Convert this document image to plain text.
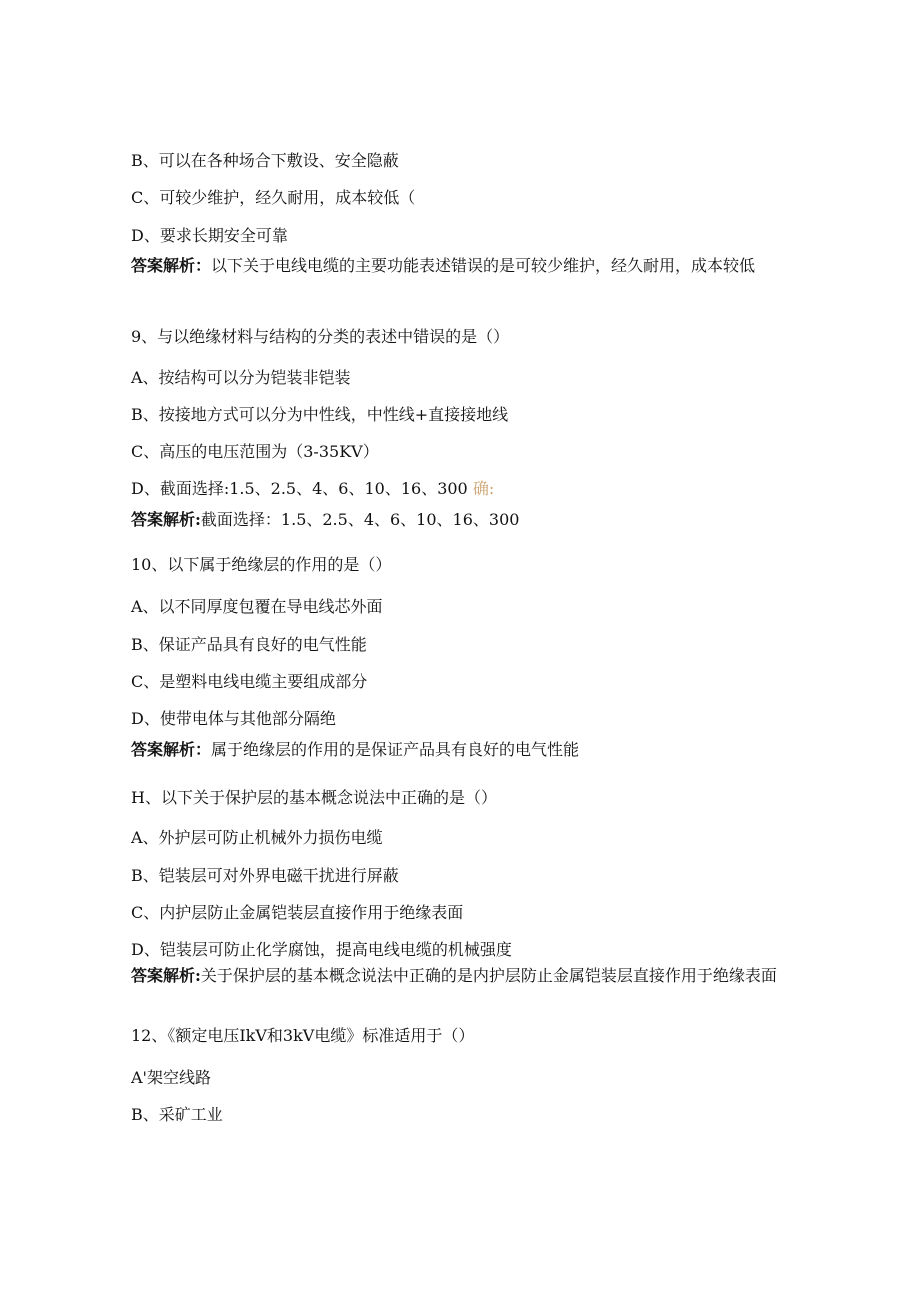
B、可以在各种场合下敷设、安全隐蔽
C、可较少维护，经久耐用，成本较低（
D、要求长期安全可靠
答案解析：以下关于电线电缆的主要功能表述错误的是可较少维护，经久耐用，成本较低
9、与以绝缘材料与结构的分类的表述中错误的是（）
A、按结构可以分为铠装非铠装
B、按接地方式可以分为中性线，中性线+直接接地线
C、高压的电压范围为（3-35KV）
D、截面选择:1.5、2.5、4、6、10、16、300 确:
答案解析:截面选择：1.5、2.5、4、6、10、16、300
10、以下属于绝缘层的作用的是（）
A、以不同厚度包覆在导电线芯外面
B、保证产品具有良好的电气性能
C、是塑料电线电缆主要组成部分
D、使带电体与其他部分隔绝
答案解析：属于绝缘层的作用的是保证产品具有良好的电气性能
H、以下关于保护层的基本概念说法中正确的是（）
A、外护层可防止机械外力损伤电缆
B、铠装层可对外界电磁干扰进行屏蔽
C、内护层防止金属铠装层直接作用于绝缘表面
D、铠装层可防止化学腐蚀，提高电线电缆的机械强度
答案解析:关于保护层的基本概念说法中正确的是内护层防止金属铠装层直接作用于绝缘表面
12、《额定电压IkV和3kV电缆》标准适用于（）
A'架空线路
B、采矿工业
